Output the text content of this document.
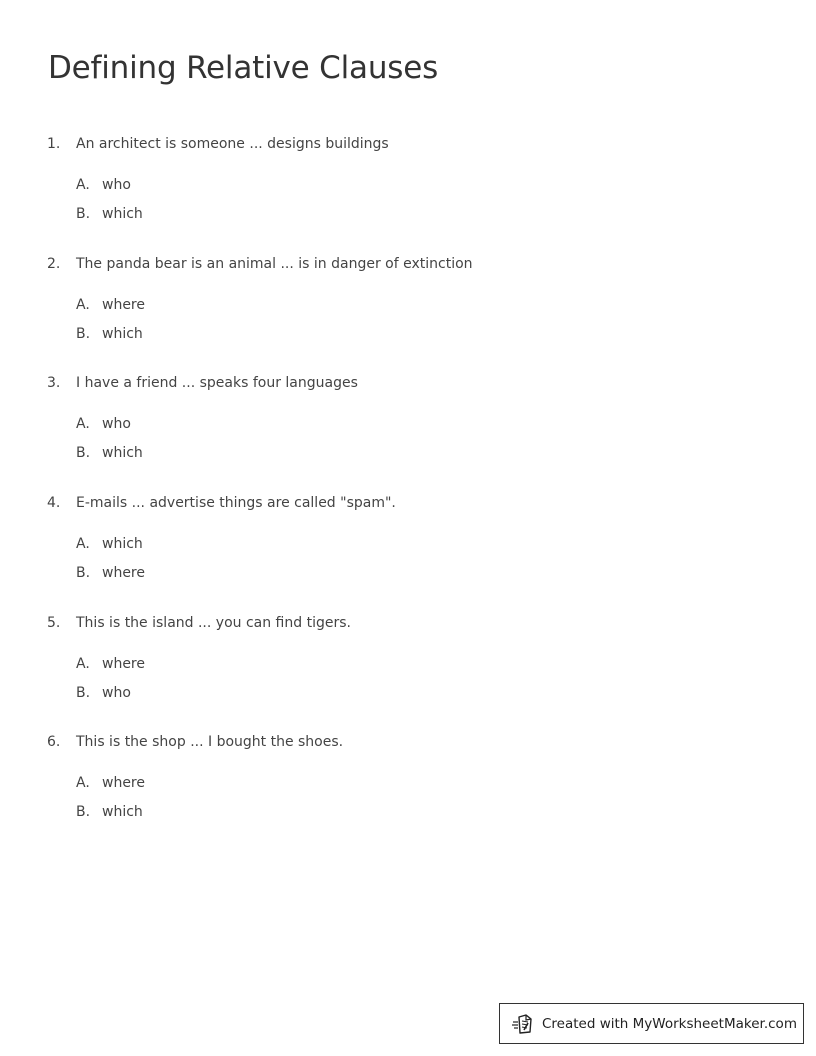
Defining Relative Clauses
1. An architect is someone ... designs buildings
A. who
B. which
2. The panda bear is an animal ... is in danger of extinction
A. where
B. which
3. I have a friend ... speaks four languages
A. who
B. which
4. E-mails ... advertise things are called "spam".
A. which
B. where
5. This is the island ... you can find tigers.
A. where
B. who
6. This is the shop ... I bought the shoes.
A. where
B. which
Created with MyWorksheetMaker.com
